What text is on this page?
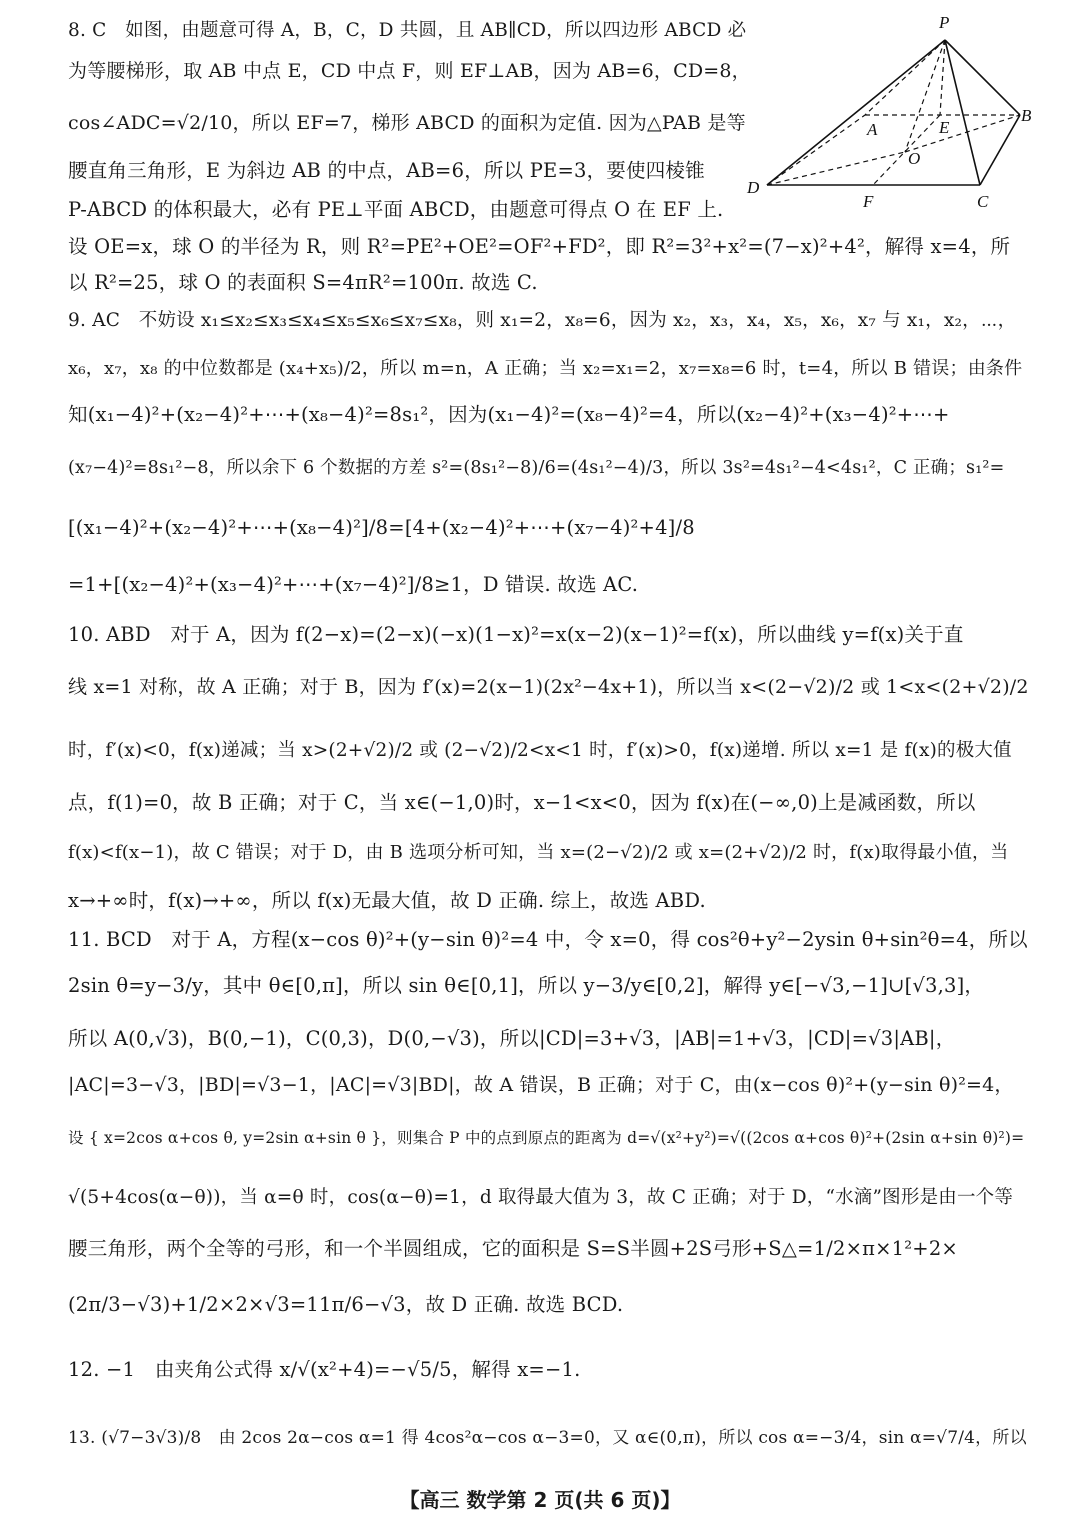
P
A	E
B
O
D
F	C
8. C　如图，由题意可得 A，B，C，D 共圆，且 AB∥CD，所以四边形 ABCD 必
为等腰梯形，取 AB 中点 E，CD 中点 F，则 EF⊥AB，因为 AB=6，CD=8，
cos∠ADC=√2/10，所以 EF=7，梯形 ABCD 的面积为定值. 因为△PAB 是等
腰直角三角形，E 为斜边 AB 的中点，AB=6，所以 PE=3，要使四棱锥
P-ABCD 的体积最大，必有 PE⊥平面 ABCD，由题意可得点 O 在 EF 上.
设 OE=x，球 O 的半径为 R，则 R²=PE²+OE²=OF²+FD²，即 R²=3²+x²=(7−x)²+4²，解得 x=4，所
以 R²=25，球 O 的表面积 S=4πR²=100π. 故选 C.
9. AC　不妨设 x₁≤x₂≤x₃≤x₄≤x₅≤x₆≤x₇≤x₈，则 x₁=2，x₈=6，因为 x₂，x₃，x₄，x₅，x₆，x₇ 与 x₁，x₂，⋯，
x₆，x₇，x₈ 的中位数都是 (x₄+x₅)/2，所以 m=n，A 正确；当 x₂=x₁=2，x₇=x₈=6 时，t=4，所以 B 错误；由条件
知(x₁−4)²+(x₂−4)²+⋯+(x₈−4)²=8s₁²，因为(x₁−4)²=(x₈−4)²=4，所以(x₂−4)²+(x₃−4)²+⋯+
(x₇−4)²=8s₁²−8，所以余下 6 个数据的方差 s²=(8s₁²−8)/6=(4s₁²−4)/3，所以 3s²=4s₁²−4<4s₁²，C 正确；s₁²=
[(x₁−4)²+(x₂−4)²+⋯+(x₈−4)²]/8=[4+(x₂−4)²+⋯+(x₇−4)²+4]/8
=1+[(x₂−4)²+(x₃−4)²+⋯+(x₇−4)²]/8≥1，D 错误. 故选 AC.
10. ABD　对于 A，因为 f(2−x)=(2−x)(−x)(1−x)²=x(x−2)(x−1)²=f(x)，所以曲线 y=f(x)关于直
线 x=1 对称，故 A 正确；对于 B，因为 f′(x)=2(x−1)(2x²−4x+1)，所以当 x<(2−√2)/2 或 1<x<(2+√2)/2
时，f′(x)<0，f(x)递减；当 x>(2+√2)/2 或 (2−√2)/2<x<1 时，f′(x)>0，f(x)递增. 所以 x=1 是 f(x)的极大值
点，f(1)=0，故 B 正确；对于 C，当 x∈(−1,0)时，x−1<x<0，因为 f(x)在(−∞,0)上是减函数，所以
f(x)<f(x−1)，故 C 错误；对于 D，由 B 选项分析可知，当 x=(2−√2)/2 或 x=(2+√2)/2 时，f(x)取得最小值，当
x→+∞时，f(x)→+∞，所以 f(x)无最大值，故 D 正确. 综上，故选 ABD.
11. BCD　对于 A，方程(x−cos θ)²+(y−sin θ)²=4 中，令 x=0，得 cos²θ+y²−2ysin θ+sin²θ=4，所以
2sin θ=y−3/y，其中 θ∈[0,π]，所以 sin θ∈[0,1]，所以 y−3/y∈[0,2]，解得 y∈[−√3,−1]∪[√3,3]，
所以 A(0,√3)，B(0,−1)，C(0,3)，D(0,−√3)，所以|CD|=3+√3，|AB|=1+√3，|CD|=√3|AB|，
|AC|=3−√3，|BD|=√3−1，|AC|=√3|BD|，故 A 错误，B 正确；对于 C，由(x−cos θ)²+(y−sin θ)²=4，
设 { x=2cos α+cos θ, y=2sin α+sin θ }，则集合 P 中的点到原点的距离为 d=√(x²+y²)=√((2cos α+cos θ)²+(2sin α+sin θ)²)=
√(5+4cos(α−θ))，当 α=θ 时，cos(α−θ)=1，d 取得最大值为 3，故 C 正确；对于 D，“水滴”图形是由一个等
腰三角形，两个全等的弓形，和一个半圆组成，它的面积是 S=S半圆+2S弓形+S△=1/2×π×1²+2×
(2π/3−√3)+1/2×2×√3=11π/6−√3，故 D 正确. 故选 BCD.
12. −1　由夹角公式得 x/√(x²+4)=−√5/5，解得 x=−1.
13. (√7−3√3)/8　由 2cos 2α−cos α=1 得 4cos²α−cos α−3=0，又 α∈(0,π)，所以 cos α=−3/4，sin α=√7/4，所以
【高三 数学第 2 页(共 6 页)】
